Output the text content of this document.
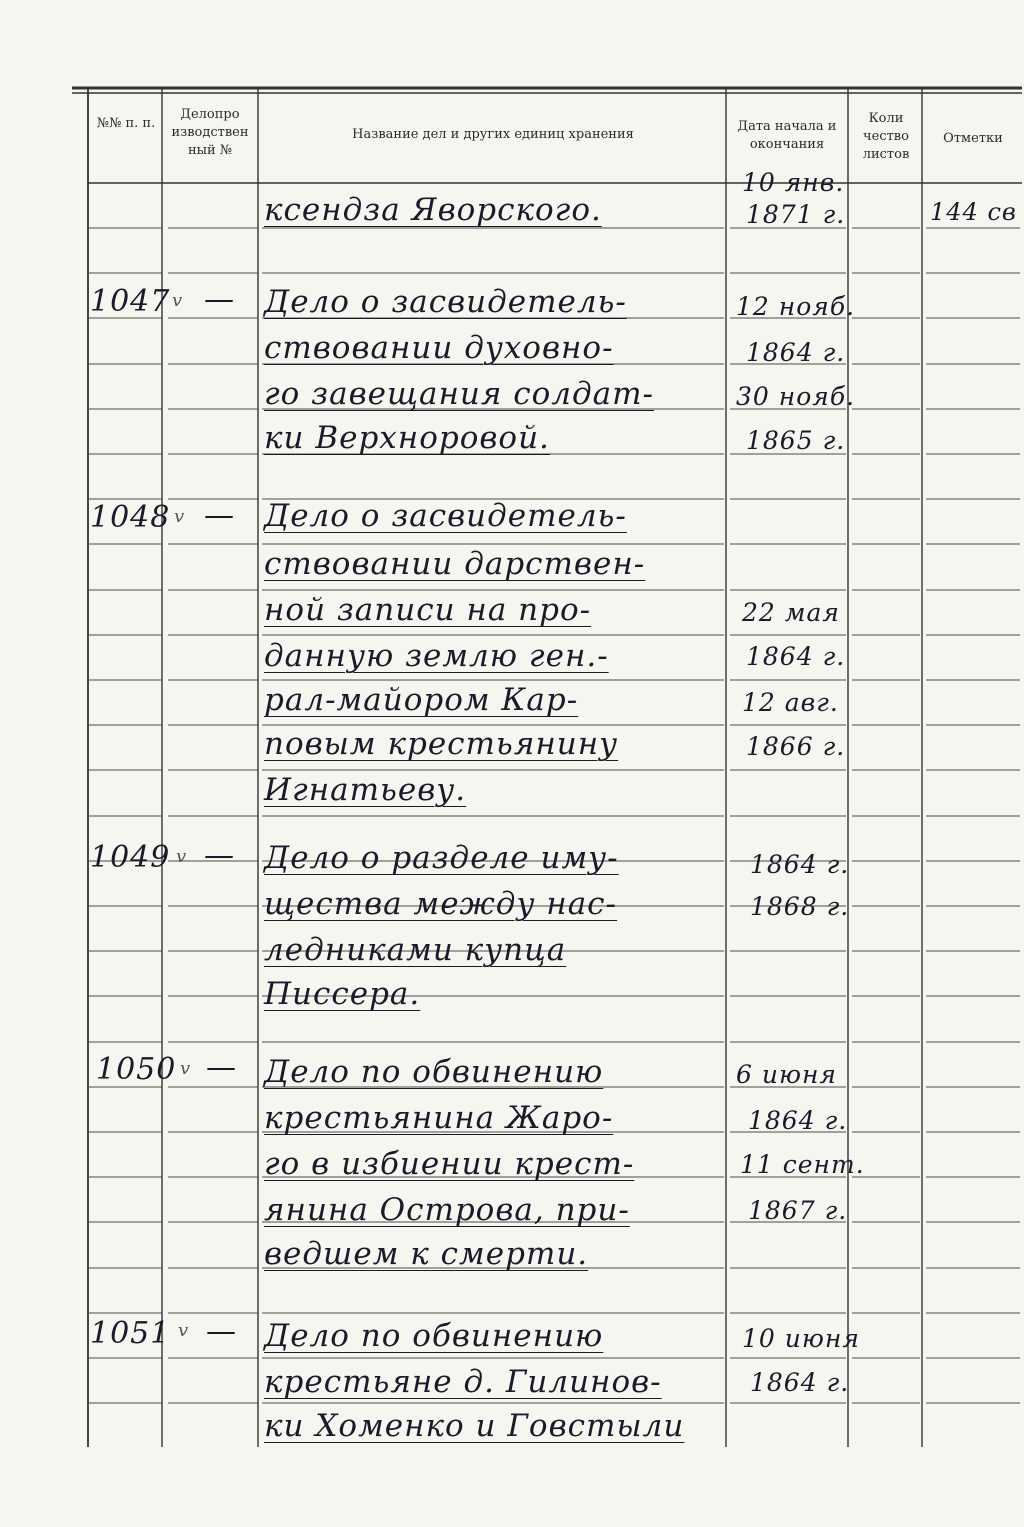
№№ п. п.
Делопро изводствен ный №
Название дел и других единиц хранения
Дата начала и окончания
Коли чество листов
Отметки
ксендза Яворского.
10 янв.
1871 г.	144 св
1047 v — Дело о засвидетель-
ствовании духовно-
го завещания солдат-
ки Верхноровой.
12 нояб.
1864 г.
30 нояб.
1865 г.
1048 v — Дело о засвидетель-
ствовании дарствен-
ной записи на про-
данную землю ген.-
рал-майором Кар-
повым крестьянину
Игнатьеву.
22 мая
1864 г.
12 авг.
1866 г.
1049 v — Дело о разделе иму-
щества между нас-
ледниками купца
Писсера.
1864 г.
1868 г.
1050 v — Дело по обвинению
крестьянина Жаро-
го в избиении крест-
янина Острова, при-
ведшем к смерти.
6 июня
1864 г.
11 сент.
1867 г.
1051 v — Дело по обвинению
крестьяне д. Гилинов-
ки Хоменко и Говстыли
10 июня
1864 г.
